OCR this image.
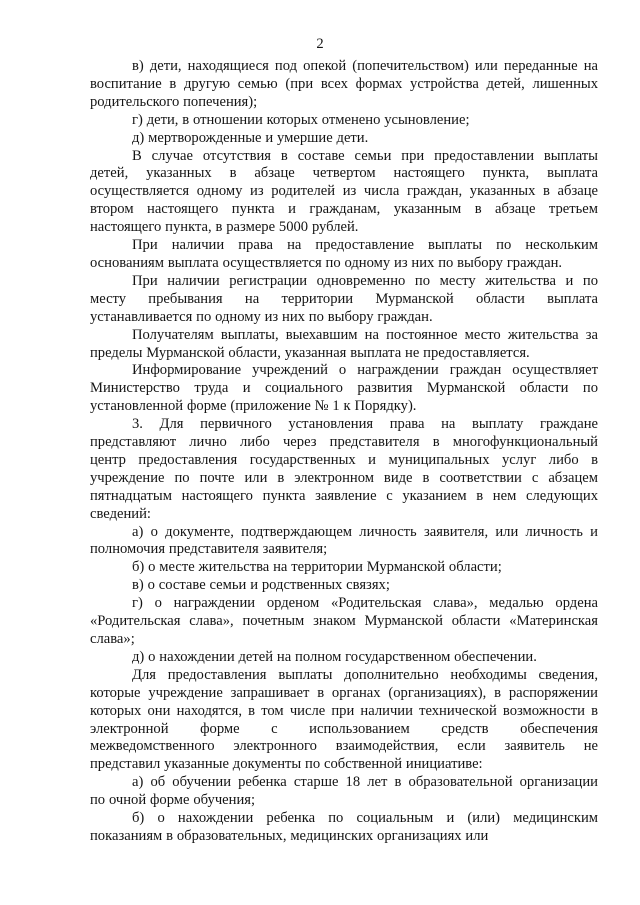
2
в) дети, находящиеся под опекой (попечительством) или переданные на
воспитание в другую семью (при всех формах устройства детей, лишенных
родительского попечения);
г) дети, в отношении которых отменено усыновление;
д) мертворожденные и умершие дети.
В случае отсутствия в составе семьи при предоставлении выплаты
детей, указанных в абзаце четвертом настоящего пункта, выплата
осуществляется одному из родителей из числа граждан, указанных в абзаце
втором настоящего пункта и гражданам, указанным в абзаце третьем
настоящего пункта, в размере 5000 рублей.
При наличии права на предоставление выплаты по нескольким
основаниям выплата осуществляется по одному из них по выбору граждан.
При наличии регистрации одновременно по месту жительства и по
месту пребывания на территории Мурманской области выплата
устанавливается по одному из них по выбору граждан.
Получателям выплаты, выехавшим на постоянное место жительства за
пределы Мурманской области, указанная выплата не предоставляется.
Информирование учреждений о награждении граждан осуществляет
Министерство труда и социального развития Мурманской области по
установленной форме (приложение № 1 к Порядку).
3. Для первичного установления права на выплату граждане
представляют лично либо через представителя в многофункциональный
центр предоставления государственных и муниципальных услуг либо в
учреждение по почте или в электронном виде в соответствии с абзацем
пятнадцатым настоящего пункта заявление с указанием в нем следующих
сведений:
а) о документе, подтверждающем личность заявителя, или личность и
полномочия представителя заявителя;
б) о месте жительства на территории Мурманской области;
в) о составе семьи и родственных связях;
г) о награждении орденом «Родительская слава», медалью ордена
«Родительская слава», почетным знаком Мурманской области «Материнская
слава»;
д) о нахождении детей на полном государственном обеспечении.
Для предоставления выплаты дополнительно необходимы сведения,
которые учреждение запрашивает в органах (организациях), в распоряжении
которых они находятся, в том числе при наличии технической возможности в
электронной форме с использованием средств обеспечения
межведомственного электронного взаимодействия, если заявитель не
представил указанные документы по собственной инициативе:
а) об обучении ребенка старше 18 лет в образовательной организации
по очной форме обучения;
б) о нахождении ребенка по социальным и (или) медицинским
показаниям в образовательных, медицинских организациях или
